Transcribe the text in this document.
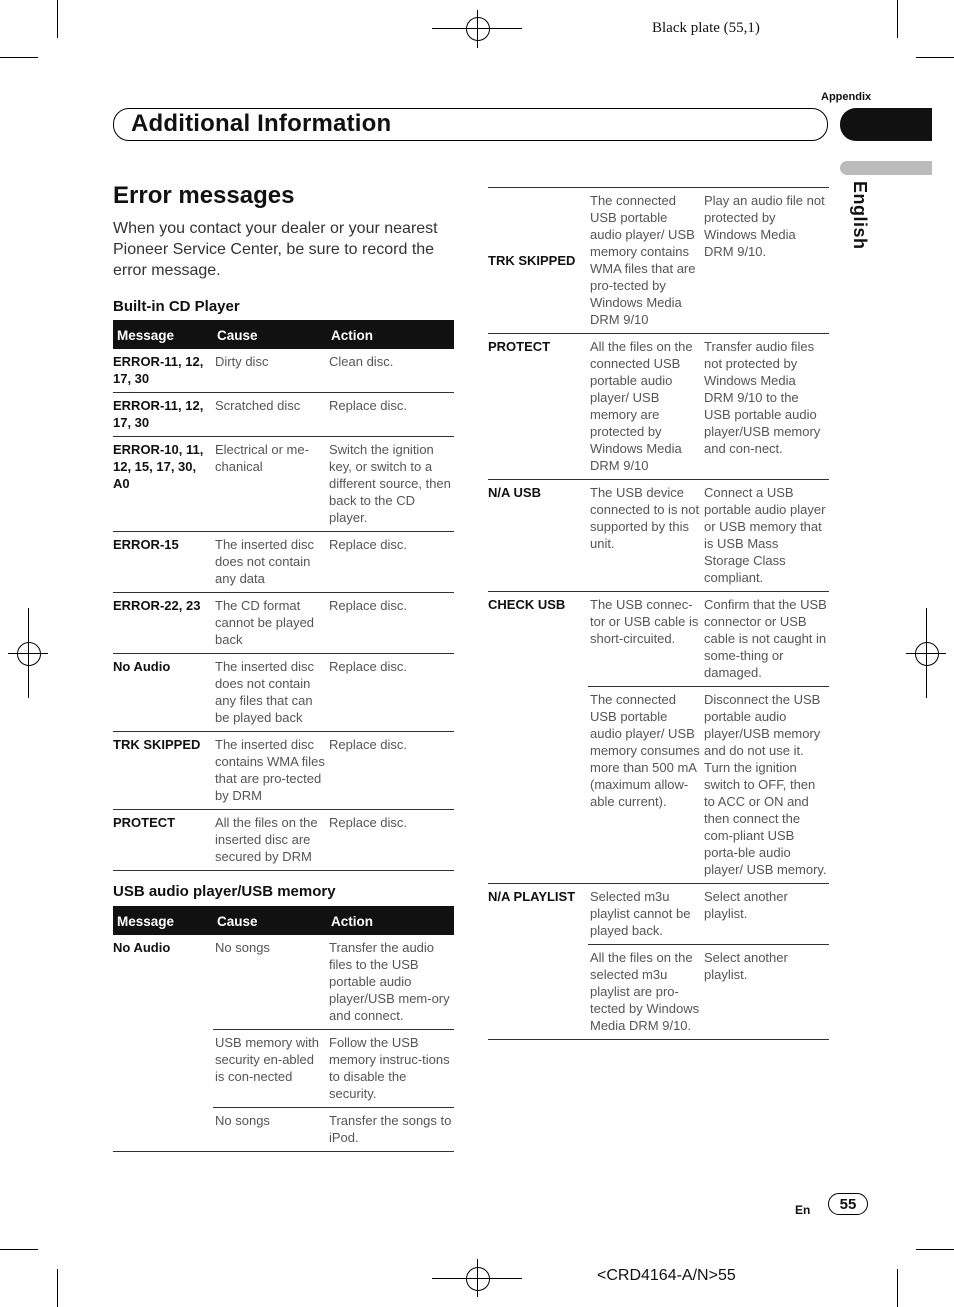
Black plate (55,1)
Appendix
Additional Information
English
Error messages

When you contact your dealer or your nearest Pioneer Service Center, be sure to record the error message.

Built-in CD Player
Message	Cause	Action
ERROR-11, 12, 17, 30	Dirty disc	Clean disc.
ERROR-11, 12, 17, 30	Scratched disc	Replace disc.
ERROR-10, 11, 12, 15, 17, 30, A0	Electrical or me-chanical	Switch the ignition key, or switch to a different source, then back to the CD player.
ERROR-15	The inserted disc does not contain any data	Replace disc.
ERROR-22, 23	The CD format cannot be played back	Replace disc.
No Audio	The inserted disc does not contain any files that can be played back	Replace disc.
TRK SKIPPED	The inserted disc contains WMA files that are pro-tected by DRM	Replace disc.
PROTECT	All the files on the inserted disc are secured by DRM	Replace disc.
USB audio player/USB memory
Message	Cause	Action
No Audio	No songs	Transfer the audio files to the USB portable audio player/USB mem-ory and connect.
	USB memory with security en-abled is con-nected	Follow the USB memory instruc-tions to disable the security.
	No songs	Transfer the songs to iPod.
TRK SKIPPED	The connected USB portable audio player/ USB memory contains WMA files that are pro-tected by Windows Media DRM 9/10	Play an audio file not protected by Windows Media DRM 9/10.
PROTECT	All the files on the connected USB portable audio player/ USB memory are protected by Windows Media DRM 9/10	Transfer audio files not protected by Windows Media DRM 9/10 to the USB portable audio player/USB memory and con-nect.
N/A USB	The USB device connected to is not supported by this unit.	Connect a USB portable audio player or USB memory that is USB Mass Storage Class compliant.
CHECK USB	The USB connec-tor or USB cable is short-circuited.	Confirm that the USB connector or USB cable is not caught in some-thing or damaged.
	The connected USB portable audio player/ USB memory consumes more than 500 mA (maximum allow-able current).	Disconnect the USB portable audio player/USB memory and do not use it. Turn the ignition switch to OFF, then to ACC or ON and then connect the com-pliant USB porta-ble audio player/ USB memory.
N/A PLAYLIST	Selected m3u playlist cannot be played back.	Select another playlist.
	All the files on the selected m3u playlist are pro-tected by Windows Media DRM 9/10.	Select another playlist.
En	55
<CRD4164-A/N>55
